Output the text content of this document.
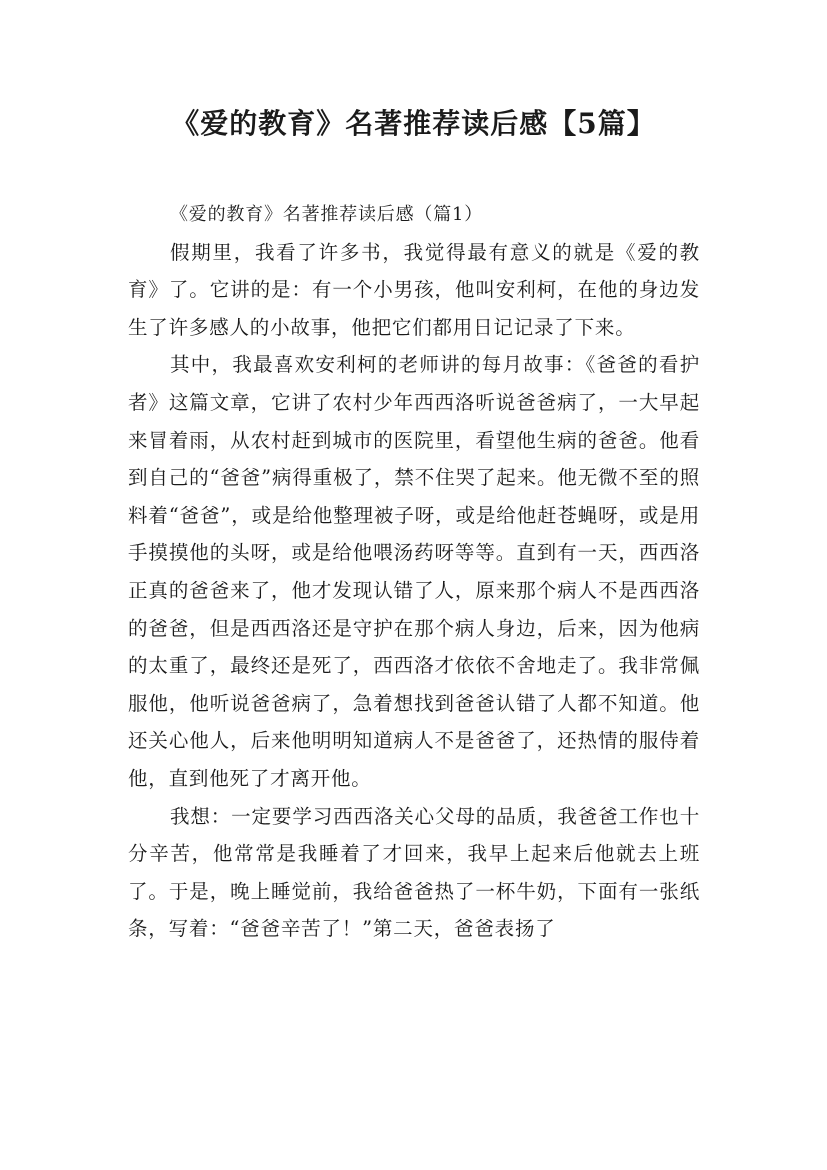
《爱的教育》名著推荐读后感【5篇】
《爱的教育》名著推荐读后感（篇1）

假期里，我看了许多书，我觉得最有意义的就是《爱的教育》了。它讲的是：有一个小男孩，他叫安利柯，在他的身边发生了许多感人的小故事，他把它们都用日记记录了下来。

其中，我最喜欢安利柯的老师讲的每月故事：《爸爸的看护者》这篇文章，它讲了农村少年西西洛听说爸爸病了，一大早起来冒着雨，从农村赶到城市的医院里，看望他生病的爸爸。他看到自己的“爸爸”病得重极了，禁不住哭了起来。他无微不至的照料着“爸爸”，或是给他整理被子呀，或是给他赶苍蝇呀，或是用手摸摸他的头呀，或是给他喂汤药呀等等。直到有一天，西西洛正真的爸爸来了，他才发现认错了人，原来那个病人不是西西洛的爸爸，但是西西洛还是守护在那个病人身边，后来，因为他病的太重了，最终还是死了，西西洛才依依不舍地走了。我非常佩服他，他听说爸爸病了，急着想找到爸爸认错了人都不知道。他还关心他人，后来他明明知道病人不是爸爸了，还热情的服侍着他，直到他死了才离开他。

我想：一定要学习西西洛关心父母的品质，我爸爸工作也十分辛苦，他常常是我睡着了才回来，我早上起来后他就去上班了。于是，晚上睡觉前，我给爸爸热了一杯牛奶，下面有一张纸条，写着：“爸爸辛苦了！”第二天，爸爸表扬了
